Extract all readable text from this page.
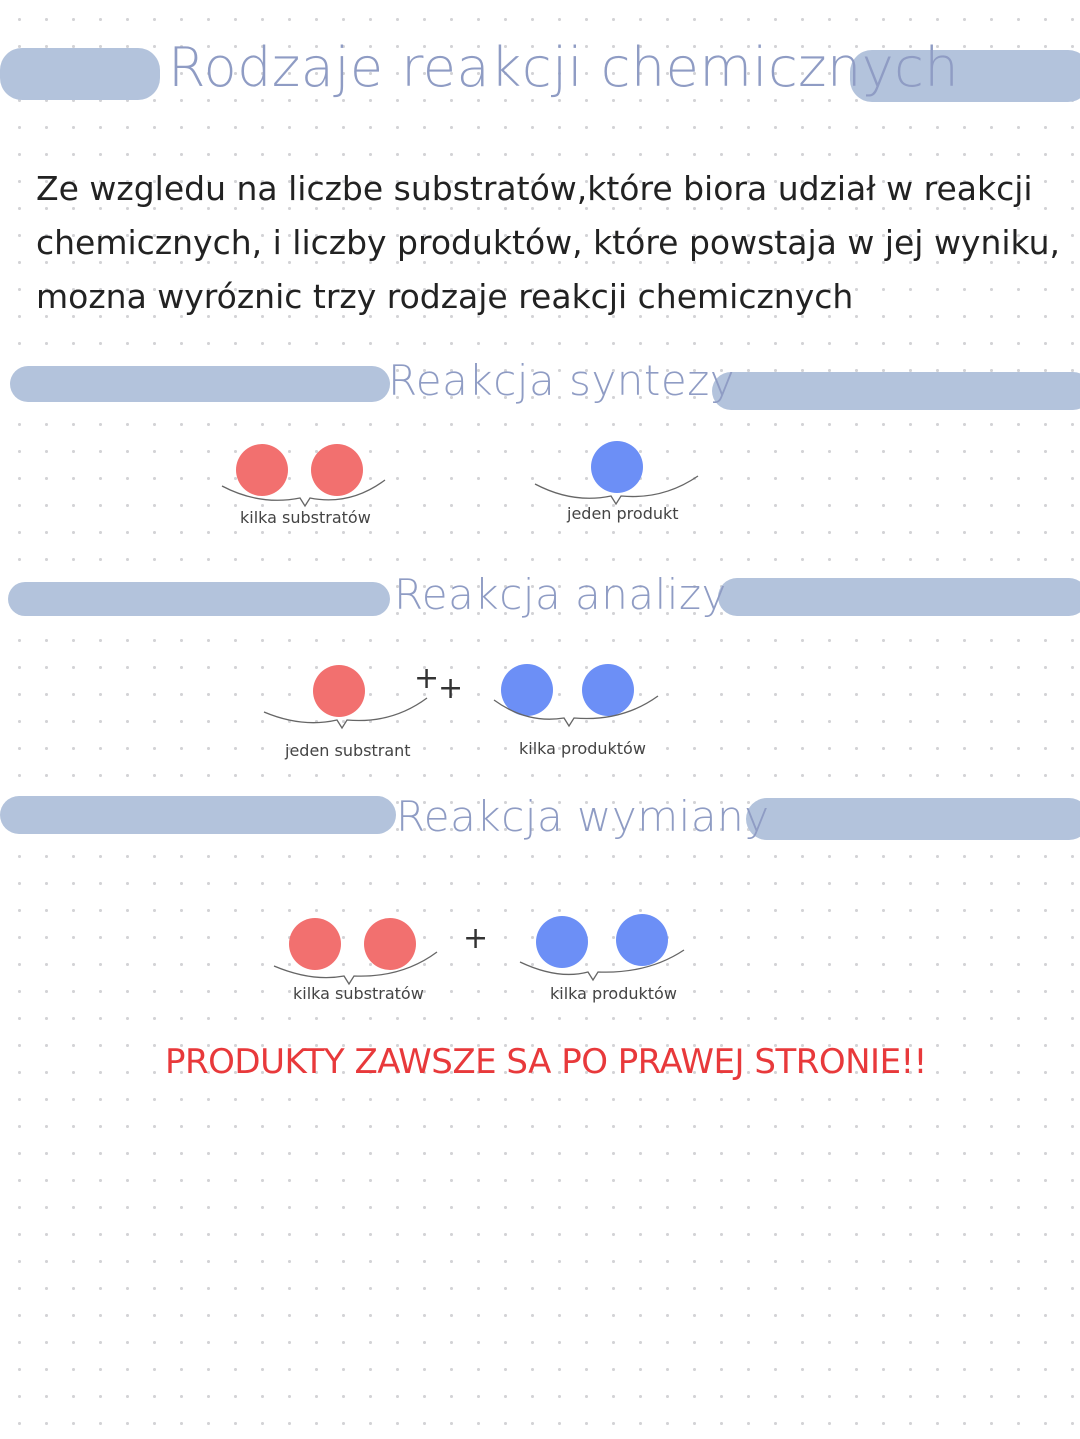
Rodzaje reakcji chemicznych
Ze wzgledu na liczbe substratów,które biora udział w reakcji
chemicznych, i liczby produktów, które powstaja w jej wyniku,
mozna wyróznic trzy rodzaje reakcji chemicznych
Reakcja syntezy
kilka substratów	jeden produkt
Reakcja analizy
+
+
jeden substrant	kilka produktów
Reakcja wymiany
kilka substratów
+
kilka produktów
PRODUKTY ZAWSZE SA PO PRAWEJ STRONIE!!
